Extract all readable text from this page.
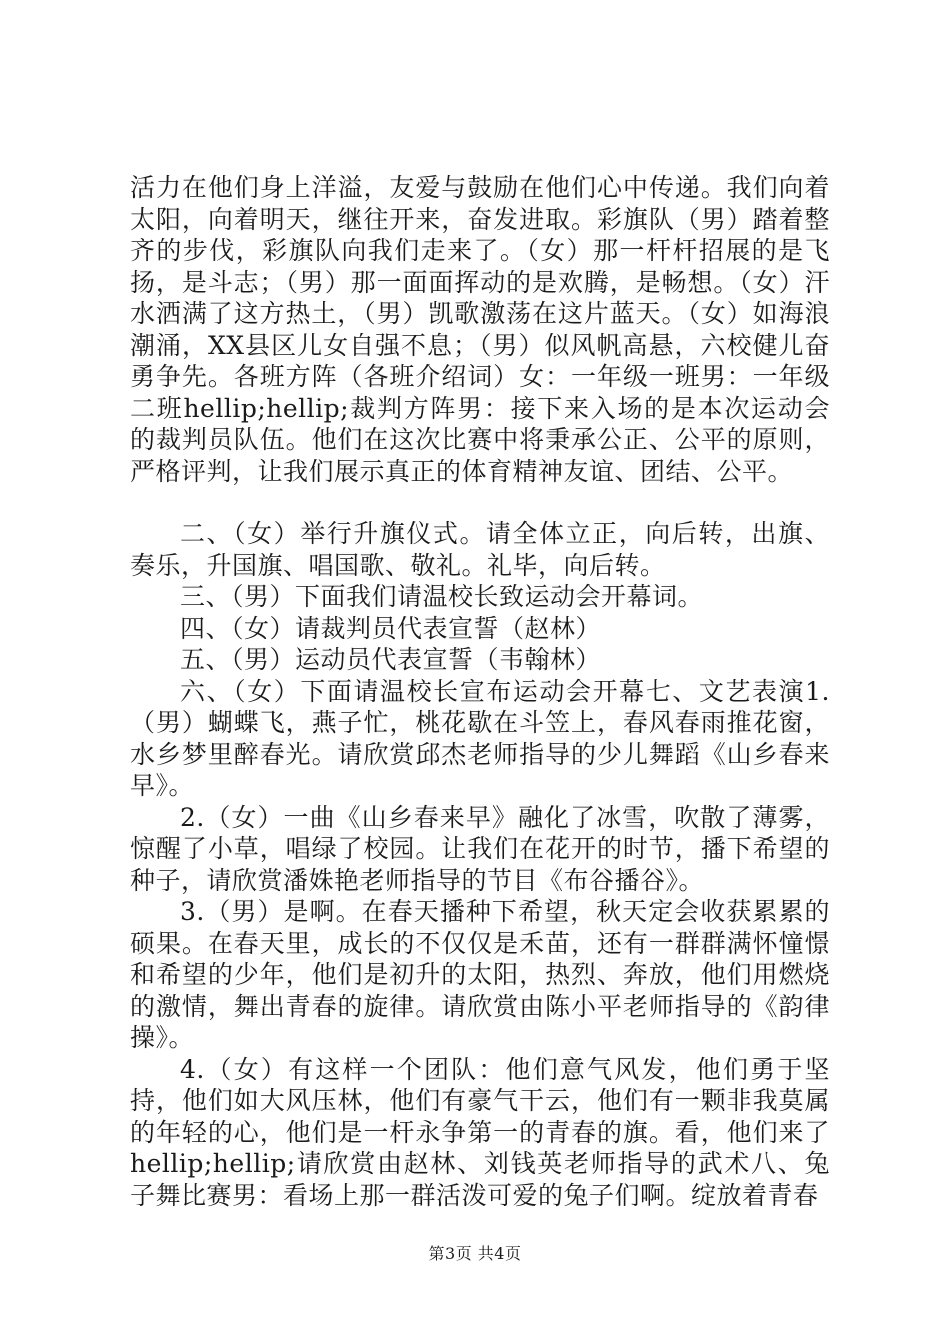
活力在他们身上洋溢，友爱与鼓励在他们心中传递。我们向着太阳，向着明天，继往开来，奋发进取。彩旗队（男）踏着整齐的步伐，彩旗队向我们走来了。（女）那一杆杆招展的是飞扬，是斗志；（男）那一面面挥动的是欢腾，是畅想。（女）汗水洒满了这方热土，（男）凯歌激荡在这片蓝天。（女）如海浪潮涌，XX县区儿女自强不息；（男）似风帆高悬，六校健儿奋勇争先。各班方阵（各班介绍词）女：一年级一班男：一年级二班hellip;hellip;裁判方阵男：接下来入场的是本次运动会的裁判员队伍。他们在这次比赛中将秉承公正、公平的原则，严格评判，让我们展示真正的体育精神友谊、团结、公平。

二、（女）举行升旗仪式。请全体立正，向后转，出旗、奏乐，升国旗、唱国歌、敬礼。礼毕，向后转。

三、（男）下面我们请温校长致运动会开幕词。

四、（女）请裁判员代表宣誓（赵林）

五、（男）运动员代表宣誓（韦翰林）

六、（女）下面请温校长宣布运动会开幕七、文艺表演1.（男）蝴蝶飞，燕子忙，桃花歇在斗笠上，春风春雨推花窗，水乡梦里醉春光。请欣赏邱杰老师指导的少儿舞蹈《山乡春来早》。

2.（女）一曲《山乡春来早》融化了冰雪，吹散了薄雾，惊醒了小草，唱绿了校园。让我们在花开的时节，播下希望的种子，请欣赏潘姝艳老师指导的节目《布谷播谷》。

3.（男）是啊。在春天播种下希望，秋天定会收获累累的硕果。在春天里，成长的不仅仅是禾苗，还有一群群满怀憧憬和希望的少年，他们是初升的太阳，热烈、奔放，他们用燃烧的激情，舞出青春的旋律。请欣赏由陈小平老师指导的《韵律操》。

4.（女）有这样一个团队：他们意气风发，他们勇于坚持，他们如大风压林，他们有豪气干云，他们有一颗非我莫属的年轻的心，他们是一杆永争第一的青春的旗。看，他们来了hellip;hellip;请欣赏由赵林、刘钱英老师指导的武术八、兔子舞比赛男：看场上那一群活泼可爱的兔子们啊。绽放着青春

第3页 共4页
